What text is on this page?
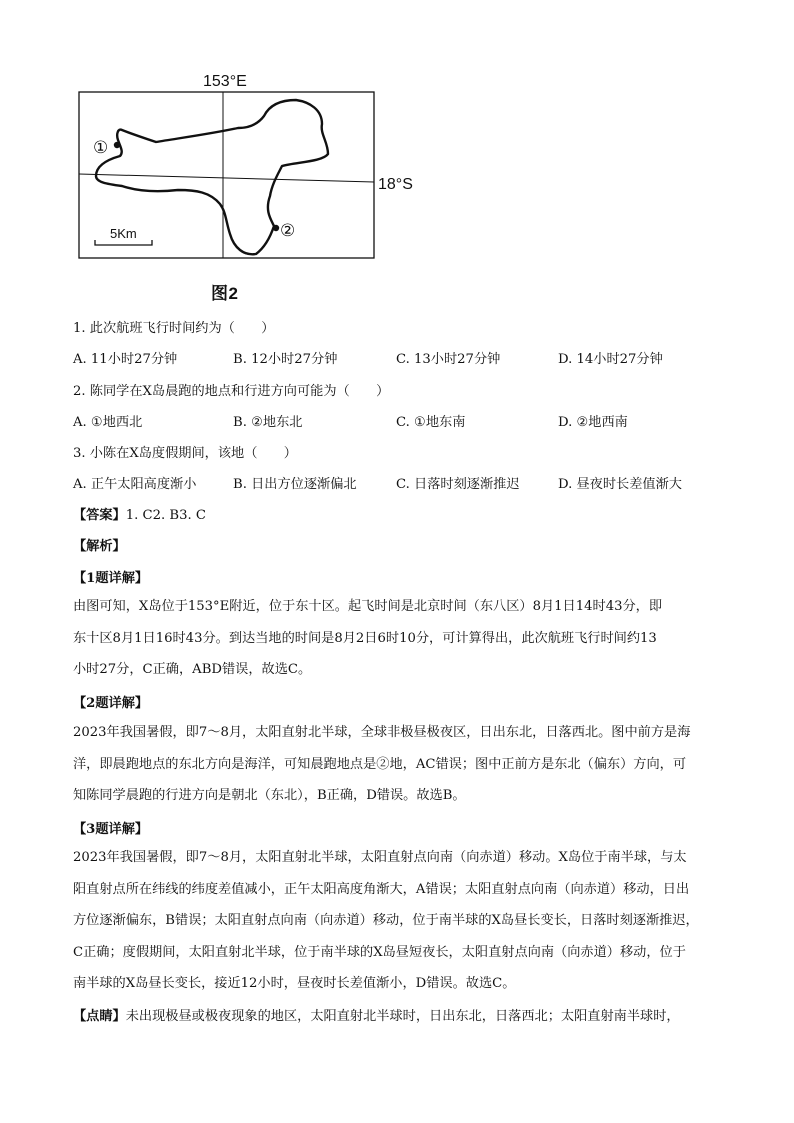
153°E
18°S
①
②
5Km
图2
1. 此次航班飞行时间约为（　　）
A. 11小时27分钟	B. 12小时27分钟	C. 13小时27分钟	D. 14小时27分钟
2. 陈同学在X岛晨跑的地点和行进方向可能为（　　）
A. ①地西北	B. ②地东北	C. ①地东南	D. ②地西南
3. 小陈在X岛度假期间，该地（　　）
A. 正午太阳高度渐小	B. 日出方位逐渐偏北	C. 日落时刻逐渐推迟	D. 昼夜时长差值渐大
【答案】1. C2. B3. C
【解析】
【1题详解】
由图可知，X岛位于153°E附近，位于东十区。起飞时间是北京时间（东八区）8月1日14时43分，即
东十区8月1日16时43分。到达当地的时间是8月2日6时10分，可计算得出，此次航班飞行时间约13
小时27分，C正确，ABD错误，故选C。
【2题详解】
2023年我国暑假，即7～8月，太阳直射北半球，全球非极昼极夜区，日出东北，日落西北。图中前方是海
洋，即晨跑地点的东北方向是海洋，可知晨跑地点是②地，AC错误；图中正前方是东北（偏东）方向，可
知陈同学晨跑的行进方向是朝北（东北），B正确，D错误。故选B。
【3题详解】
2023年我国暑假，即7～8月，太阳直射北半球，太阳直射点向南（向赤道）移动。X岛位于南半球，与太
阳直射点所在纬线的纬度差值减小，正午太阳高度角渐大，A错误；太阳直射点向南（向赤道）移动，日出
方位逐渐偏东，B错误；太阳直射点向南（向赤道）移动，位于南半球的X岛昼长变长，日落时刻逐渐推迟，
C正确；度假期间，太阳直射北半球，位于南半球的X岛昼短夜长，太阳直射点向南（向赤道）移动，位于
南半球的X岛昼长变长，接近12小时，昼夜时长差值渐小，D错误。故选C。
【点睛】未出现极昼或极夜现象的地区，太阳直射北半球时，日出东北，日落西北；太阳直射南半球时，
